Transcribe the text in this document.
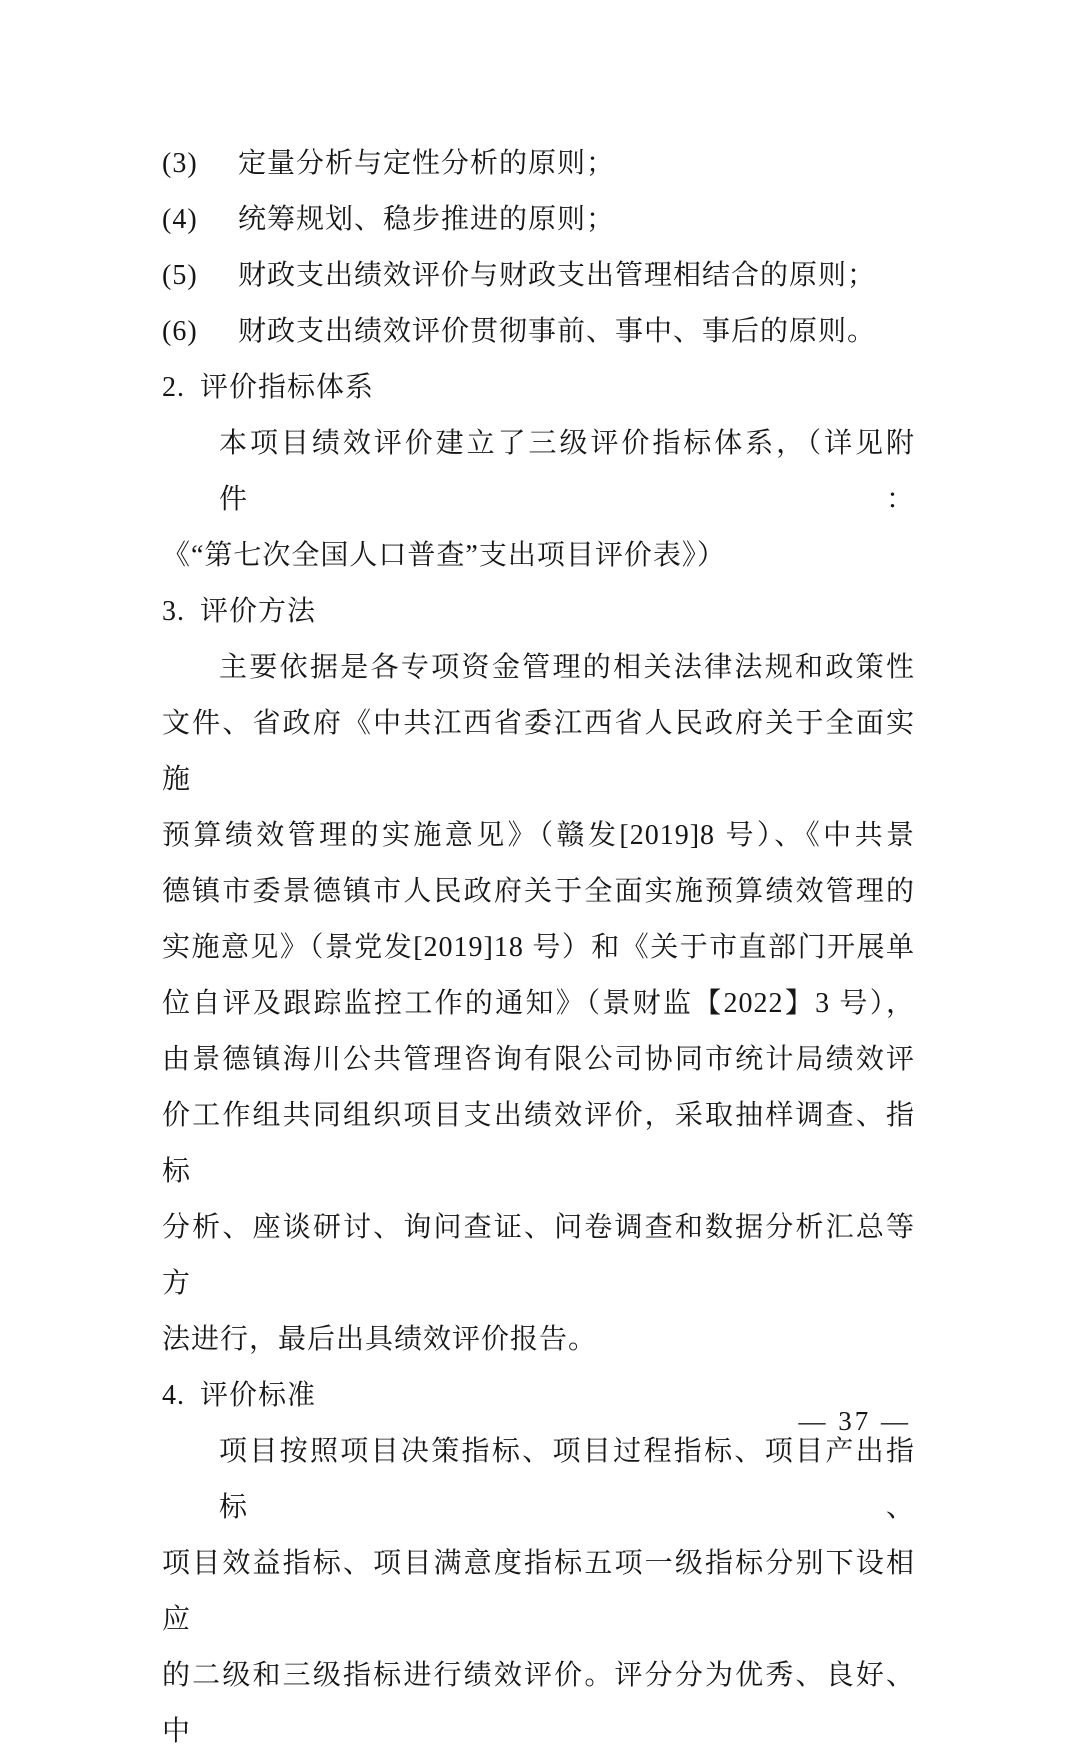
(3) 定量分析与定性分析的原则；
(4) 统筹规划、稳步推进的原则；
(5) 财政支出绩效评价与财政支出管理相结合的原则；
(6) 财政支出绩效评价贯彻事前、事中、事后的原则。
2. 评价指标体系
本项目绩效评价建立了三级评价指标体系，（详见附件：
《“第七次全国人口普查”支出项目评价表》）
3. 评价方法
主要依据是各专项资金管理的相关法律法规和政策性
文件、省政府《中共江西省委江西省人民政府关于全面实施
预算绩效管理的实施意见》（赣发[2019]8 号）、《中共景
德镇市委景德镇市人民政府关于全面实施预算绩效管理的
实施意见》（景党发[2019]18 号）和《关于市直部门开展单
位自评及跟踪监控工作的通知》（景财监【2022】3 号），
由景德镇海川公共管理咨询有限公司协同市统计局绩效评
价工作组共同组织项目支出绩效评价，采取抽样调查、指标
分析、座谈研讨、询问查证、问卷调查和数据分析汇总等方
法进行，最后出具绩效评价报告。
4. 评价标准
项目按照项目决策指标、项目过程指标、项目产出指标、
项目效益指标、项目满意度指标五项一级指标分别下设相应
的二级和三级指标进行绩效评价。评分分为优秀、良好、中
— 37 —
